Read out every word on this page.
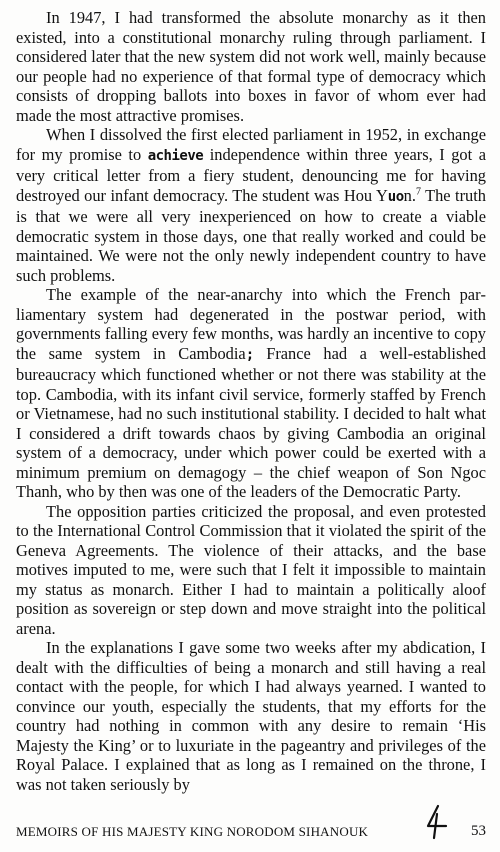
In 1947, I had transformed the absolute monarchy as it then existed, into a constitutional monarchy ruling through parliament. I considered later that the new system did not work well, mainly because our people had no experience of that formal type of democracy which consists of dropping ballots into boxes in favor of whom ever had made the most attractive promises.

When I dissolved the first elected parliament in 1952, in exchange for my promise to achieve independence within three years, I got a very critical letter from a fiery student, denouncing me for having destroyed our infant democracy. The student was Hou Yuon.$^7$ The truth is that we were all very inexperienced on how to create a viable democratic system in those days, one that really worked and could be maintained. We were not the only newly independent country to have such problems.

The example of the near-anarchy into which the French parliamentary system had degenerated in the postwar period, with governments falling every few months, was hardly an incentive to copy the same system in Cambodia; France had a well-established bureaucracy which functioned whether or not there was stability at the top. Cambodia, with its infant civil service, formerly staffed by French or Vietnamese, had no such institutional stability. I decided to halt what I considered a drift towards chaos by giving Cambodia an original system of a democracy, under which power could be exerted with a minimum premium on demagogy – the chief weapon of Son Ngoc Thanh, who by then was one of the leaders of the Democratic Party.

The opposition parties criticized the proposal, and even protested to the International Control Commission that it violated the spirit of the Geneva Agreements. The violence of their attacks, and the base motives imputed to me, were such that I felt it impossible to maintain my status as monarch. Either I had to maintain a politically aloof position as sovereign or step down and move straight into the political arena.

In the explanations I gave some two weeks after my abdication, I dealt with the difficulties of being a monarch and still having a real contact with the people, for which I had always yearned. I wanted to convince our youth, especially the students, that my efforts for the country had nothing in common with any desire to remain ‘His Majesty the King’ or to luxuriate in the pageantry and privileges of the Royal Palace. I explained that as long as I remained on the throne, I was not taken seriously by

MEMOIRS OF HIS MAJESTY KING NORODOM SIHANOUK	53
